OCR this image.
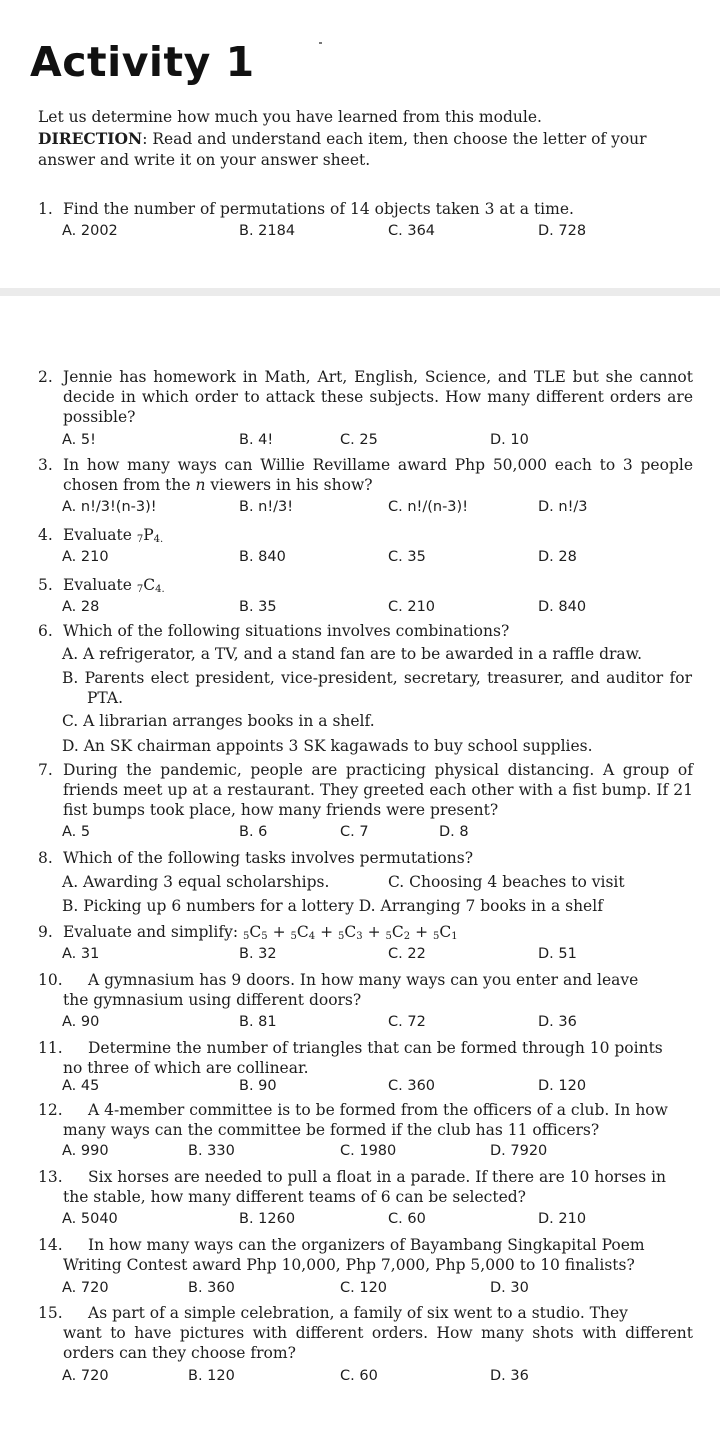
Activity 1

Let us determine how much you have learned from this module.

DIRECTION: Read and understand each item, then choose the letter of your answer and write it on your answer sheet.

1. Find the number of permutations of 14 objects taken 3 at a time.
A. 2002	B. 2184	C. 364	D. 728
2. Jennie has homework in Math, Art, English, Science, and TLE but she cannot decide in which order to attack these subjects. How many different orders are possible?
A. 5!	B. 4!	C. 25	D. 10
3. In how many ways can Willie Revillame award Php 50,000 each to 3 people chosen from the n viewers in his show?
A. n!/3!(n-3)!	B. n!/3!	C. n!/(n-3)!	D. n!/3
4. Evaluate $_7P_{4.}$
A. 210	B. 840	C. 35	D. 28
5. Evaluate $_7C_{4.}$
A. 28	B. 35	C. 210	D. 840
6. Which of the following situations involves combinations?
A. A refrigerator, a TV, and a stand fan are to be awarded in a raffle draw.
B. Parents elect president, vice-president, secretary, treasurer, and auditor for PTA.
C. A librarian arranges books in a shelf.
D. An SK chairman appoints 3 SK kagawads to buy school supplies.
7. During the pandemic, people are practicing physical distancing. A group of friends meet up at a restaurant. They greeted each other with a fist bump. If 21 fist bumps took place, how many friends were present?
A. 5	B. 6	C. 7	D. 8
8. Which of the following tasks involves permutations?
A. Awarding 3 equal scholarships.	C. Choosing 4 beaches to visit
B. Picking up 6 numbers for a lottery D. Arranging 7 books in a shelf
9. Evaluate and simplify: $_5C_5 + _5C_4 + _5C_3 + _5C_2 + _5C_1$
A. 31	B. 32	C. 22	D. 51
10.	A gymnasium has 9 doors. In how many ways can you enter and leave
the gymnasium using different doors?
A. 90	B. 81	C. 72	D. 36
11.	Determine the number of triangles that can be formed through 10 points
no three of which are collinear.
A. 45	B. 90	C. 360	D. 120
12.	A 4-member committee is to be formed from the officers of a club. In how
many ways can the committee be formed if the club has 11 officers?
A. 990	B. 330	C. 1980	D. 7920
13.	Six horses are needed to pull a float in a parade. If there are 10 horses in
the stable, how many different teams of 6 can be selected?
A. 5040	B. 1260	C. 60	D. 210
14.	In how many ways can the organizers of Bayambang Singkapital Poem
Writing Contest award Php 10,000, Php 7,000, Php 5,000 to 10 finalists?
A. 720	B. 360	C. 120	D. 30
15.	As part of a simple celebration, a family of six went to a studio. They
want to have pictures with different orders. How many shots with different orders can they choose from?
A. 720	B. 120	C. 60	D. 36
